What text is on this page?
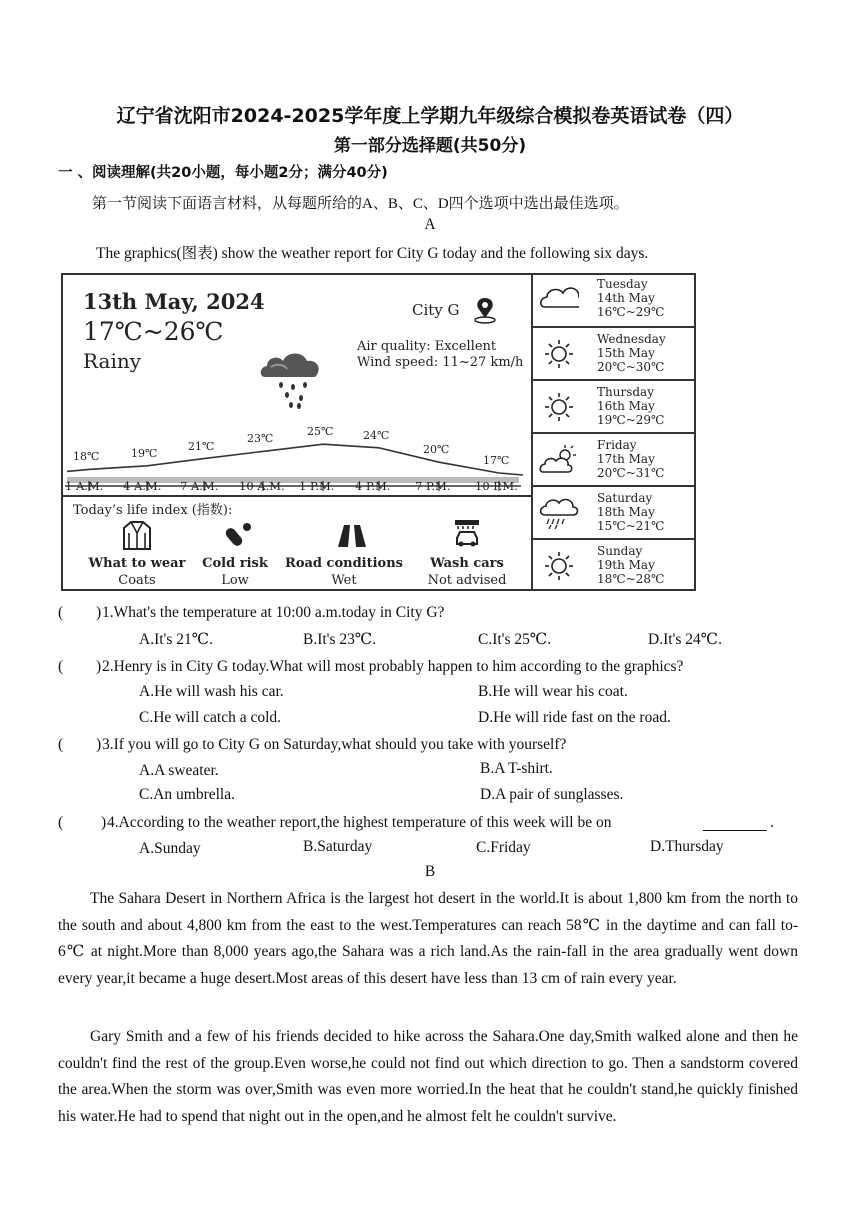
辽宁省沈阳市2024-2025学年度上学期九年级综合模拟卷英语试卷（四）
第一部分选择题(共50分)
一 、阅读理解(共20小题，每小题2分；满分40分)
第一节阅读下面语言材料，从每题所给的A、B、C、D四个选项中选出最佳选项。
A
The graphics(图表) show the weather report for City G today and the following six days.
13th May, 2024
17℃~26℃
Rainy
City G
Air quality: Excellent
Wind speed: 11~27 km/h
Today’s life index (指数):
Tuesday
14th May
16℃~29℃
Wednesday
15th May
20℃~30℃
Thursday
16th May
19℃~29℃
Friday
17th May
20℃~31℃
Saturday
18th May
15℃~21℃
Sunday
19th May
18℃~28℃
18℃	19℃
21℃
23℃
25℃	24℃
20℃
17℃
1 A.M. 4 A.M. 7 A.M. 10 A.M. 1 P.M. 4 P.M. 7 P.M. 10 P.M.
What to wear
Coats
Cold risk
Low
Road conditions
Wet
Wash cars
Not advised
( ) 1.What's the temperature at 10:00 a.m.today in City G?
A.It's 21℃.	B.It's 23℃.	C.It's 25℃.	D.It's 24℃.
( ) 2.Henry is in City G today.What will most probably happen to him according to the graphics?
A.He will wash his car.	B.He will wear his coat.
C.He will catch a cold.	D.He will ride fast on the road.
( ) 3.If you will go to City G on Saturday,what should you take with yourself?
A.A sweater.	B.A T-shirt.
C.An umbrella.	D.A pair of sunglasses.
( ) 4.According to the weather report,the highest temperature of this week will be on	.
A.Sunday	B.Saturday	C.Friday	D.Thursday
B
The Sahara Desert in Northern Africa is the largest hot desert in the world.It is about 1,800 km from the north to the south and about 4,800 km from the east to the west.Temperatures can reach 58℃ in the daytime and can fall to-6℃ at night.More than 8,000 years ago,the Sahara was a rich land.As the rain-fall in the area gradually went down every year,it became a huge desert.Most areas of this desert have less than 13 cm of rain every year.
Gary Smith and a few of his friends decided to hike across the Sahara.One day,Smith walked alone and then he couldn't find the rest of the group.Even worse,he could not find out which direction to go. Then a sandstorm covered the area.When the storm was over,Smith was even more worried.In the heat that he couldn't stand,he quickly finished his water.He had to spend that night out in the open,and he almost felt he couldn't survive.
